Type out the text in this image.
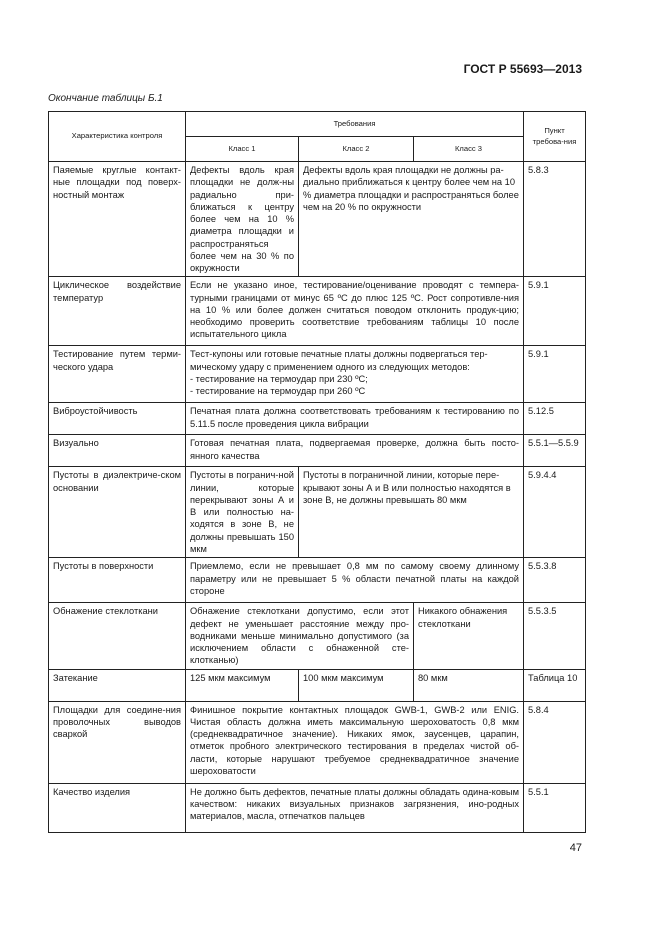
ГОСТ Р 55693—2013
Окончание таблицы Б.1
Характеристика контроля	Требования			Пункт требова-ния
	Класс 1	Класс 2	Класс 3	
Паяемые круглые контакт-ные площадки под поверх-ностный монтаж	Дефекты вдоль края площадки не долж-ны радиально при-ближаться к центру более чем на 10 % диаметра площадки и распространяться более чем на 30 % по окружности	Дефекты вдоль края площадки не должны ра-диально приближаться к центру более чем на 10 % диаметра площадки и распространяться более чем на 20 % по окружности		5.8.3
Циклическое воздействие температур	Если не указано иное, тестирование/оценивание проводят с темпера-турными границами от минус 65 ºС до плюс 125 ºС. Рост сопротивле-ния на 10 % или более должен считаться поводом отклонить продук-цию; необходимо проверить соответствие требованиям таблицы 10 после испытательного цикла			5.9.1
Тестирование путем терми-ческого удара	Тест-купоны или готовые печатные платы должны подвергаться тер-мическому удару с применением одного из следующих методов:
- тестирование на термоудар при 230 ºС;
- тестирование на термоудар при 260 ºС			5.9.1
Виброустойчивость	Печатная плата должна соответствовать требованиям к тестированию по 5.11.5 после проведения цикла вибрации			5.12.5
Визуально	Готовая печатная плата, подвергаемая проверке, должна быть посто-янного качества			5.5.1—5.5.9
Пустоты в диэлектриче-ском основании	Пустоты в погранич-ной линии, которые перекрывают зоны А и В или полностью на-ходятся в зоне В, не должны превышать 150 мкм	Пустоты в пограничной линии, которые пере-крывают зоны А и В или полностью находятся в зоне В, не должны превышать 80 мкм		5.9.4.4
Пустоты в поверхности	Приемлемо, если не превышает 0,8 мм по самому своему длинному параметру или не превышает 5 % области печатной платы на каждой стороне			5.5.3.8
Обнажение стеклоткани	Обнажение стеклоткани допустимо, если этот дефект не уменьшает расстояние между про-водниками меньше минимально допустимого (за исключением области с обнаженной сте-клотканью)		Никакого обнажения стеклоткани	5.5.3.5
Затекание	125 мкм максимум	100 мкм максимум	80 мкм	Таблица 10
Площадки для соедине-ния проволочных выводов сваркой	Финишное покрытие контактных площадок GWB-1, GWB-2 или ENIG. Чистая область должна иметь максимальную шероховатость 0,8 мкм (среднеквадратичное значение). Никаких ямок, заусенцев, царапин, отметок пробного электрического тестирования в пределах чистой об-ласти, которые нарушают требуемое среднеквадратичное значение шероховатости			5.8.4
Качество изделия	Не должно быть дефектов, печатные платы должны обладать одина-ковым качеством: никаких визуальных признаков загрязнения, ино-родных материалов, масла, отпечатков пальцев			5.5.1
47
